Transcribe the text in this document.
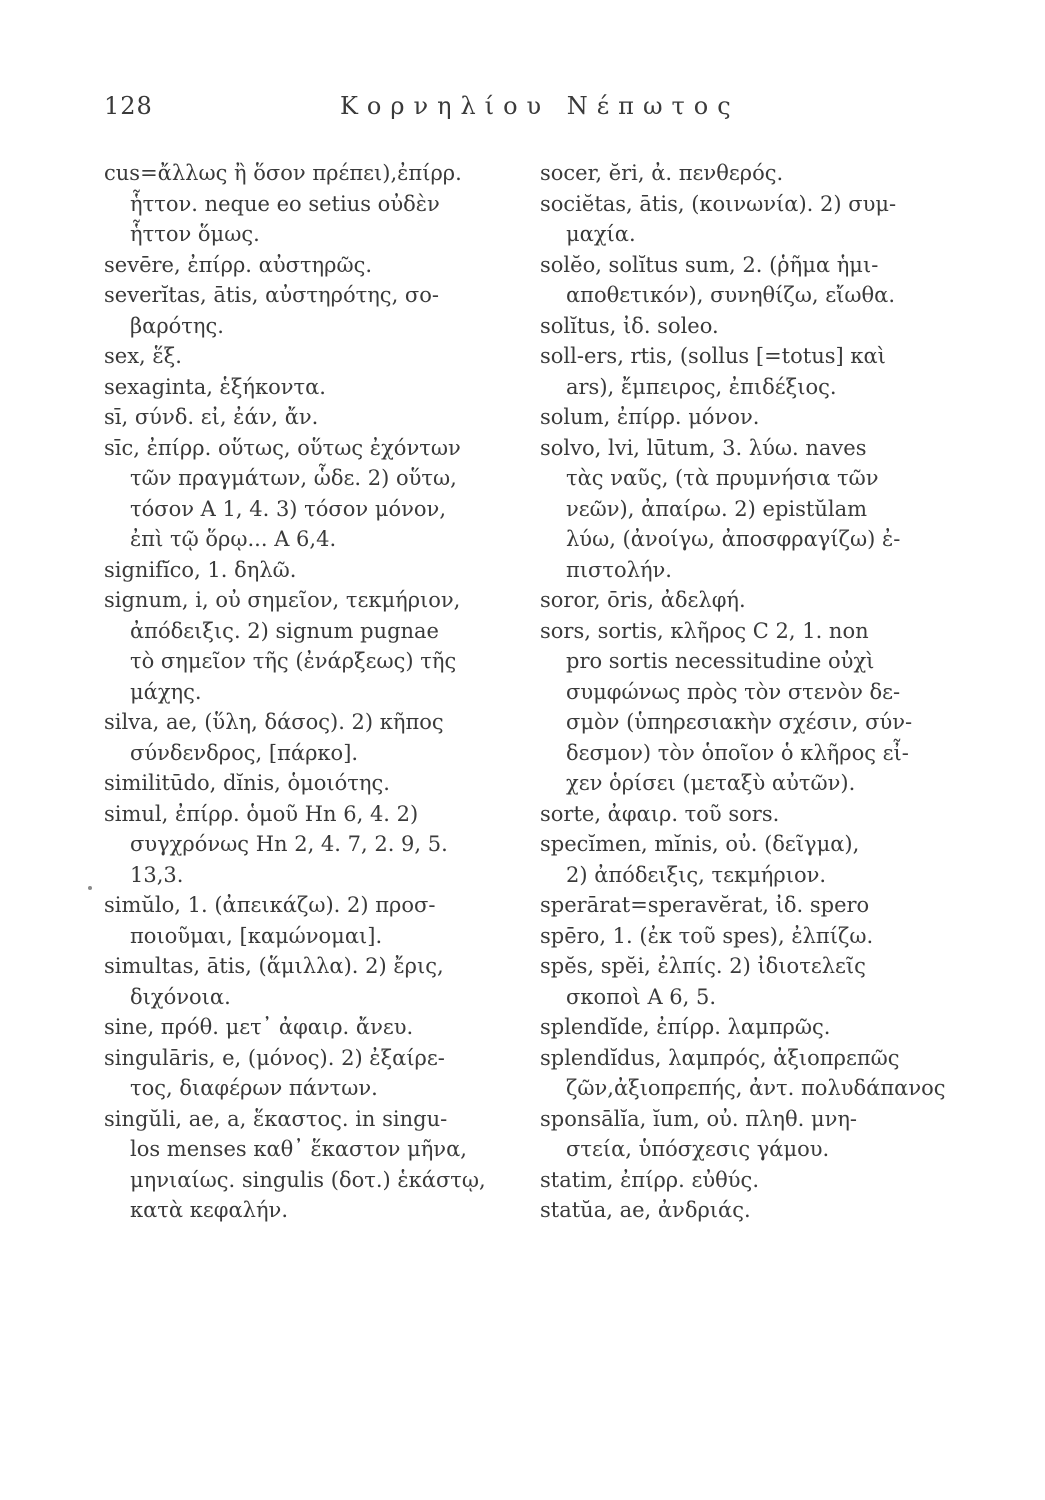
128	Κορνηλίου Νέπωτος
cus=ἄλλως ἢ ὅσον πρέπει),ἐπίρρ.
ἧττον. neque eo setius οὐδὲν
ἧττον ὅμως.
sevēre, ἐπίρρ. αὐστηρῶς.
severĭtas, ātis, αὐστηρότης, σο-
βαρότης.
sex, ἕξ.
sexaginta, ἑξήκοντα.
sī, σύνδ. εἰ, ἐάν, ἄν.
sīc, ἐπίρρ. οὕτως, οὕτως ἐχόντων
τῶν πραγμάτων, ὧδε. 2) οὕτω,
τόσον A 1, 4. 3) τόσον μόνον,
ἐπὶ τῷ ὅρῳ... A 6,4.
signifĭco, 1. δηλῶ.
signum, i, οὐ σημεῖον, τεκμήριον,
ἀπόδειξις. 2) signum pugnae
τὸ σημεῖον τῆς (ἐνάρξεως) τῆς
μάχης.
silva, ae, (ὕλη, δάσος). 2) κῆπος
σύνδενδρος, [πάρκο].
similitūdo, dĭnis, ὁμοιότης.
simul, ἐπίρρ. ὁμοῦ Hn 6, 4. 2)
συγχρόνως Hn 2, 4. 7, 2. 9, 5.
13,3.
simŭlo, 1. (ἀπεικάζω). 2) προσ-
ποιοῦμαι, [καμώνομαι].
simultas, ātis, (ἅμιλλα). 2) ἔρις,
διχόνοια.
sine, πρόθ. μετ᾽ ἀφαιρ. ἄνευ.
singulāris, e, (μόνος). 2) ἐξαίρε-
τος, διαφέρων πάντων.
singŭli, ae, a, ἕκαστος. in singu-
los menses καθ᾽ ἕκαστον μῆνα,
μηνιαίως. singulis (δοτ.) ἑκάστῳ,
κατὰ κεφαλήν.
socer, ĕri, ἀ. πενθερός.
sociĕtas, ātis, (κοινωνία). 2) συμ-
μαχία.
solĕo, solĭtus sum, 2. (ῥῆμα ἡμι-
αποθετικόν), συνηθίζω, εἴωθα.
solĭtus, ἰδ. soleo.
soll-ers, rtis, (sollus [=totus] καὶ
ars), ἔμπειρος, ἐπιδέξιος.
solum, ἐπίρρ. μόνον.
solvo, lvi, lūtum, 3. λύω. naves
τὰς ναῦς, (τὰ πρυμνήσια τῶν
νεῶν), ἀπαίρω. 2) epistŭlam
λύω, (ἀνοίγω, ἀποσφραγίζω) ἐ-
πιστολήν.
soror, ōris, ἀδελφή.
sors, sortis, κλῆρος C 2, 1. non
pro sortis necessitudine οὐχὶ
συμφώνως πρὸς τὸν στενὸν δε-
σμὸν (ὑπηρεσιακὴν σχέσιν, σύν-
δεσμον) τὸν ὁποῖον ὁ κλῆρος εἶ-
χεν ὁρίσει (μεταξὺ αὐτῶν).
sorte, ἀφαιρ. τοῦ sors.
specĭmen, mĭnis, οὐ. (δεῖγμα),
2) ἀπόδειξις, τεκμήριον.
sperārat=speravĕrat, ἰδ. spero
spēro, 1. (ἐκ τοῦ spes), ἐλπίζω.
spĕs, spĕi, ἐλπίς. 2) ἰδιοτελεῖς
σκοποὶ A 6, 5.
splendĭde, ἐπίρρ. λαμπρῶς.
splendĭdus, λαμπρός, ἀξιοπρεπῶς
ζῶν,ἀξιοπρεπής, ἀντ. πολυδάπανος
sponsālĭa, ĭum, οὐ. πληθ. μνη-
στεία, ὑπόσχεσις γάμου.
statim, ἐπίρρ. εὐθύς.
statŭa, ae, ἀνδριάς.
